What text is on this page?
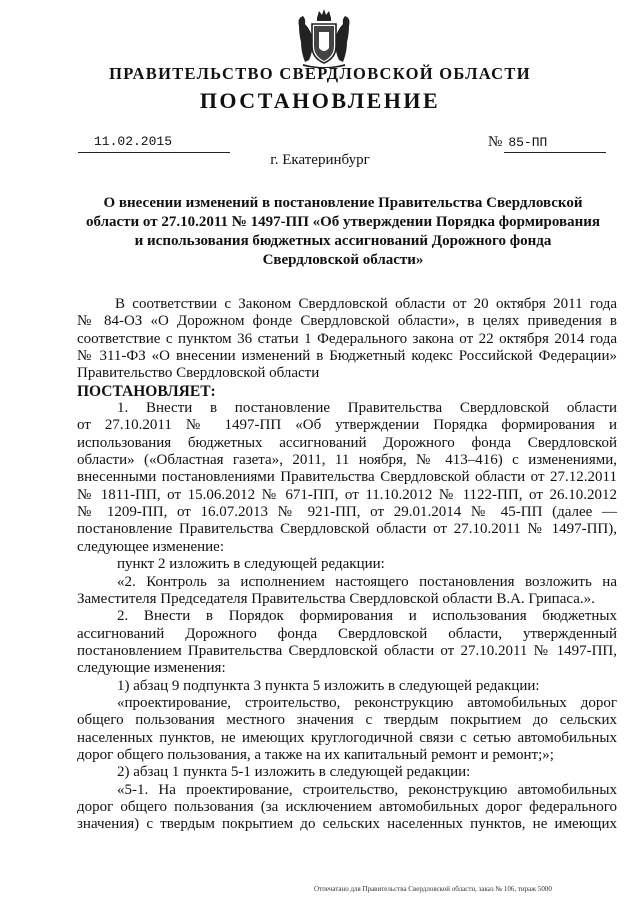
ПРАВИТЕЛЬСТВО СВЕРДЛОВСКОЙ ОБЛАСТИ
ПОСТАНОВЛЕНИЕ
11.02.2015	№ 85-ПП
г. Екатеринбург
О внесении изменений в постановление Правительства Свердловской
области от 27.10.2011 № 1497-ПП «Об утверждении Порядка формирования
и использования бюджетных ассигнований Дорожного фонда
Свердловской области»
В соответствии с Законом Свердловской области от 20 октября 2011 года
№ 84-ОЗ «О Дорожном фонде Свердловской области», в целях приведения в
соответствие с пунктом 36 статьи 1 Федерального закона от 22 октября 2014 года
№ 311-ФЗ «О внесении изменений в Бюджетный кодекс Российской Федерации»
Правительство Свердловской области
ПОСТАНОВЛЯЕТ:
1. Внести в постановление Правительства Свердловской области
от 27.10.2011 № 1497-ПП «Об утверждении Порядка формирования и
использования бюджетных ассигнований Дорожного фонда Свердловской
области» («Областная газета», 2011, 11 ноября, № 413–416) с изменениями,
внесенными постановлениями Правительства Свердловской области от 27.12.2011
№ 1811-ПП, от 15.06.2012 № 671-ПП, от 11.10.2012 № 1122-ПП, от 26.10.2012
№ 1209-ПП, от 16.07.2013 № 921-ПП, от 29.01.2014 № 45-ПП (далее —
постановление Правительства Свердловской области от 27.10.2011 № 1497-ПП),
следующее изменение:
пункт 2 изложить в следующей редакции:
«2. Контроль за исполнением настоящего постановления возложить на
Заместителя Председателя Правительства Свердловской области В.А. Грипаса.».
2. Внести в Порядок формирования и использования бюджетных
ассигнований Дорожного фонда Свердловской области, утвержденный
постановлением Правительства Свердловской области от 27.10.2011 № 1497-ПП,
следующие изменения:
1) абзац 9 подпункта 3 пункта 5 изложить в следующей редакции:
«проектирование, строительство, реконструкцию автомобильных дорог
общего пользования местного значения с твердым покрытием до сельских
населенных пунктов, не имеющих круглогодичной связи с сетью автомобильных
дорог общего пользования, а также на их капитальный ремонт и ремонт;»;
2) абзац 1 пункта 5-1 изложить в следующей редакции:
«5-1. На проектирование, строительство, реконструкцию автомобильных
дорог общего пользования (за исключением автомобильных дорог федерального
значения) с твердым покрытием до сельских населенных пунктов, не имеющих
Отпечатано для Правительства Свердловской области, заказ № 106, тираж 5000
